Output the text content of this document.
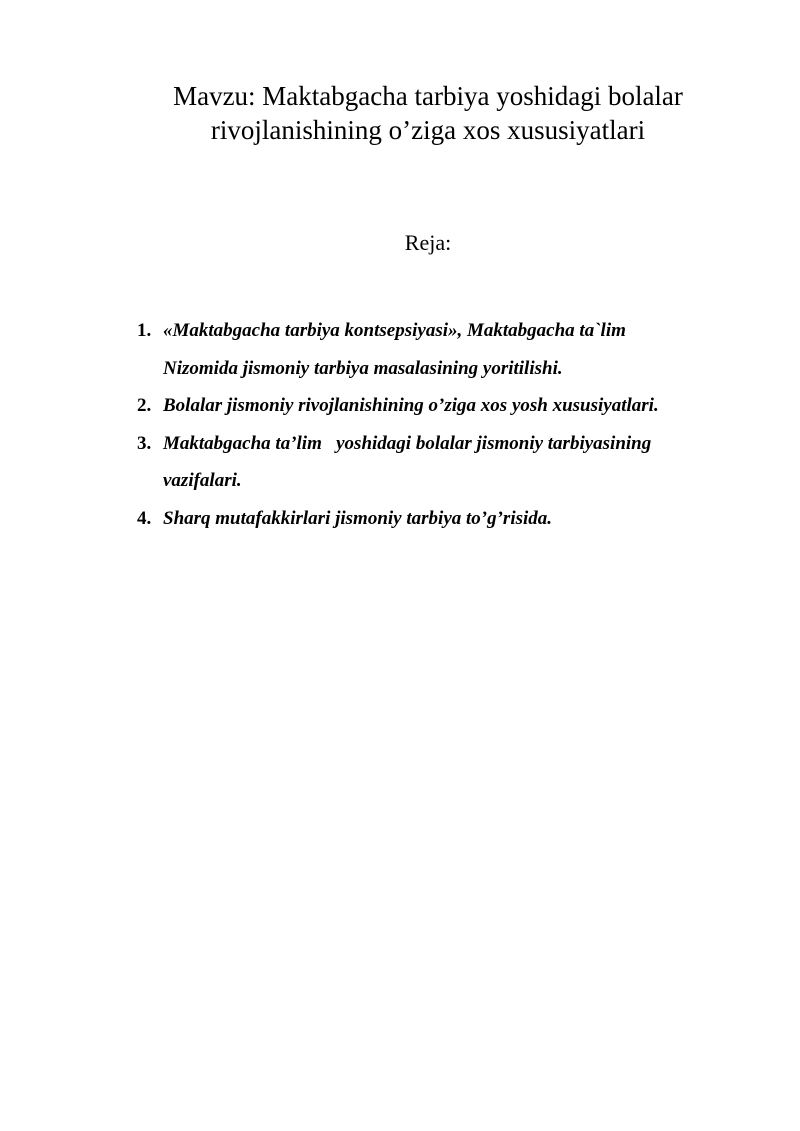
Mavzu: Maktabgacha tarbiya yoshidagi bolalar
rivojlanishining o’ziga xos xususiyatlari
Reja:
1. «Maktabgacha tarbiya kontsepsiyasi», Maktabgacha ta`lim
Nizomida jismoniy tarbiya masalasining yoritilishi.
2. Bolalar jismoniy rivojlanishining o’ziga xos yosh xususiyatlari.
3. Maktabgacha ta’lim   yoshidagi bolalar jismoniy tarbiyasining
vazifalari.
4. Sharq mutafakkirlari jismoniy tarbiya to’g’risida.
